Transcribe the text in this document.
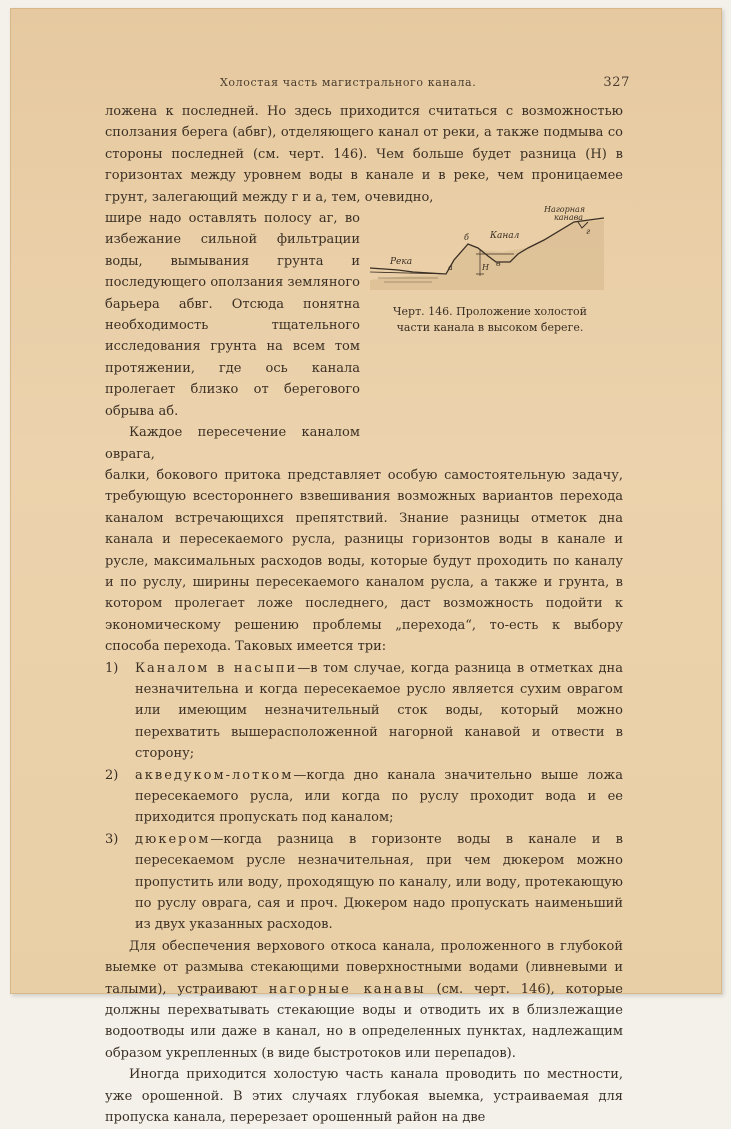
Холостая часть магистрального канала.	327

ложена к последней. Но здесь приходится считаться с возможностью сползания берега (абвг), отделяющего канал от реки, а также подмыва со стороны последней (см. черт. 146). Чем больше будет разница (Н) в горизонтах между уровнем воды в канале и в реке, чем проницаемее грунт, залегающий между г и а, тем, очевидно,

шире надо оставлять полосу аг, во избежание сильной фильтрации воды, вымывания грунта и последующего оползания земляного барьера абвг. Отсюда понятна необходимость тщательного исследования грунта на всем том протяжении, где ось канала пролегает близко от берегового обрыва аб.

Каждое пересечение каналом оврага,

балки, бокового притока представляет особую самостоятельную задачу, требующую всестороннего взвешивания возможных вариантов перехода каналом встречающихся препятствий. Знание разницы отметок дна канала и пересекаемого русла, разницы горизонтов воды в канале и русле, максимальных расходов воды, которые будут проходить по каналу и по руслу, ширины пересекаемого каналом русла, а также и грунта, в котором пролегает ложе последнего, даст возможность подойти к экономическому решению проблемы „перехода“, то-есть к выбору способа перехода. Таковых имеется три:

1) Каналом в насыпи—в том случае, когда разница в отметках дна незначительна и когда пересекаемое русло является сухим оврагом или имеющим незначительный сток воды, который можно перехватить вышерасположенной нагорной канавой и отвести в сторону;
2) акведуком-лотком—когда дно канала значительно выше ложа пересекаемого русла, или когда по руслу проходит вода и ее приходится пропускать под каналом;
3) дюкером—когда разница в горизонте воды в канале и в пересекаемом русле незначительная, при чем дюкером можно пропустить или воду, проходящую по каналу, или воду, протекающую по руслу оврага, сая и проч. Дюкером надо пропускать наименьший из двух указанных расходов.

Для обеспечения верхового откоса канала, проложенного в глубокой выемке от размыва стекающими поверхностными водами (ливневыми и талыми), устраивают нагорные канавы (см. черт. 146), которые должны перехватывать стекающие воды и отводить их в близлежащие водоотводы или даже в канал, но в определенных пунктах, надлежащим образом укрепленных (в виде быстротоков или перепадов).

Иногда приходится холостую часть канала проводить по местности, уже орошенной. В этих случаях глубокая выемка, устраиваемая для пропуска канала, перерезает орошенный район на две

Река
Канал
Нагорная
канава
а
б
в
г
Н
Черт. 146. Проложение холостой части канала в высоком береге.
